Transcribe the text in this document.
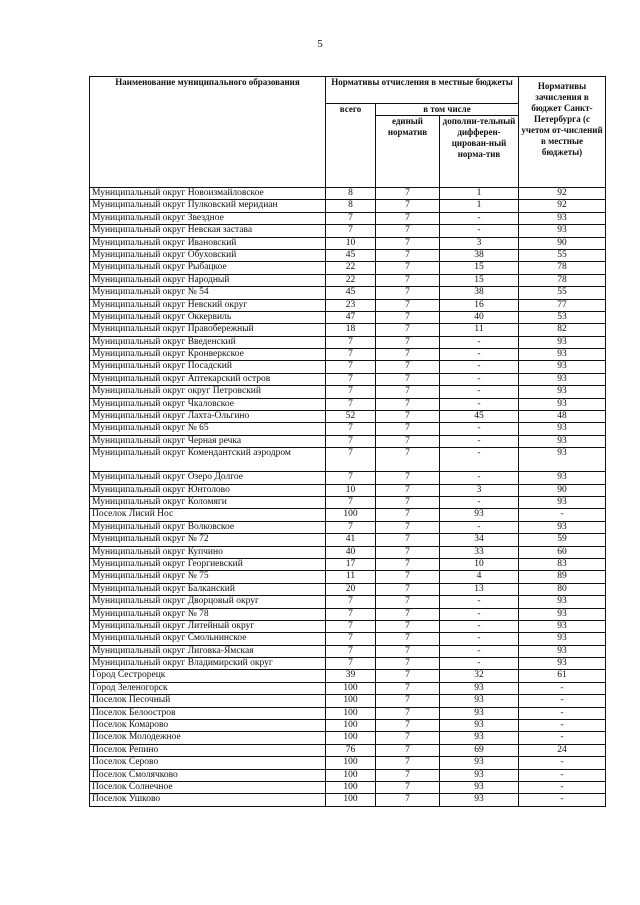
5
Наименование муниципального образования	Нормативы отчисления в местные бюджеты			Нормативы зачисления в бюджет Санкт-Петербурга (с учетом от-числений в местные бюджеты)
	всего	в том числе		
		единый норматив	дополни-тельный дифферен-цирован-ный норма-тив	
Муниципальный округ Новоизмайловское	8	7	1	92
Муниципальный округ Пулковский меридиан	8	7	1	92
Муниципальный округ Звездное	7	7	-	93
Муниципальный округ Невская застава	7	7	-	93
Муниципальный округ Ивановский	10	7	3	90
Муниципальный округ Обуховский	45	7	38	55
Муниципальный округ Рыбацкое	22	7	15	78
Муниципальный округ Народный	22	7	15	78
Муниципальный округ № 54	45	7	38	55
Муниципальный округ Невский округ	23	7	16	77
Муниципальный округ Оккервиль	47	7	40	53
Муниципальный округ Правобережный	18	7	11	82
Муниципальный округ Введенский	7	7	-	93
Муниципальный округ Кронверкское	7	7	-	93
Муниципальный округ Посадский	7	7	-	93
Муниципальный округ Аптекарский остров	7	7	-	93
Муниципальный округ округ Петровский	7	7	-	93
Муниципальный округ Чкаловское	7	7	-	93
Муниципальный округ Лахта-Ольгино	52	7	45	48
Муниципальный округ № 65	7	7	-	93
Муниципальный округ Черная речка	7	7	-	93
Муниципальный округ Комендантский аэродром	7	7	-	93
Муниципальный округ Озеро Долгое	7	7	-	93
Муниципальный округ Юнтолово	10	7	3	90
Муниципальный округ Коломяги	7	7	-	93
Поселок Лисий Нос	100	7	93	-
Муниципальный округ Волковское	7	7	-	93
Муниципальный округ № 72	41	7	34	59
Муниципальный округ Купчино	40	7	33	60
Муниципальный округ Георгиевский	17	7	10	83
Муниципальный округ № 75	11	7	4	89
Муниципальный округ Балканский	20	7	13	80
Муниципальный округ Дворцовый округ	7	7	-	93
Муниципальный округ № 78	7	7	-	93
Муниципальный округ Литейный округ	7	7	-	93
Муниципальный округ Смольнинское	7	7	-	93
Муниципальный округ Лиговка-Ямская	7	7	-	93
Муниципальный округ Владимирский округ	7	7	-	93
Город Сестрорецк	39	7	32	61
Город Зеленогорск	100	7	93	-
Поселок Песочный	100	7	93	-
Поселок Белоостров	100	7	93	-
Поселок Комарово	100	7	93	-
Поселок Молодежное	100	7	93	-
Поселок Репино	76	7	69	24
Поселок Серово	100	7	93	-
Поселок Смолячково	100	7	93	-
Поселок Солнечное	100	7	93	-
Поселок Ушково	100	7	93	-
